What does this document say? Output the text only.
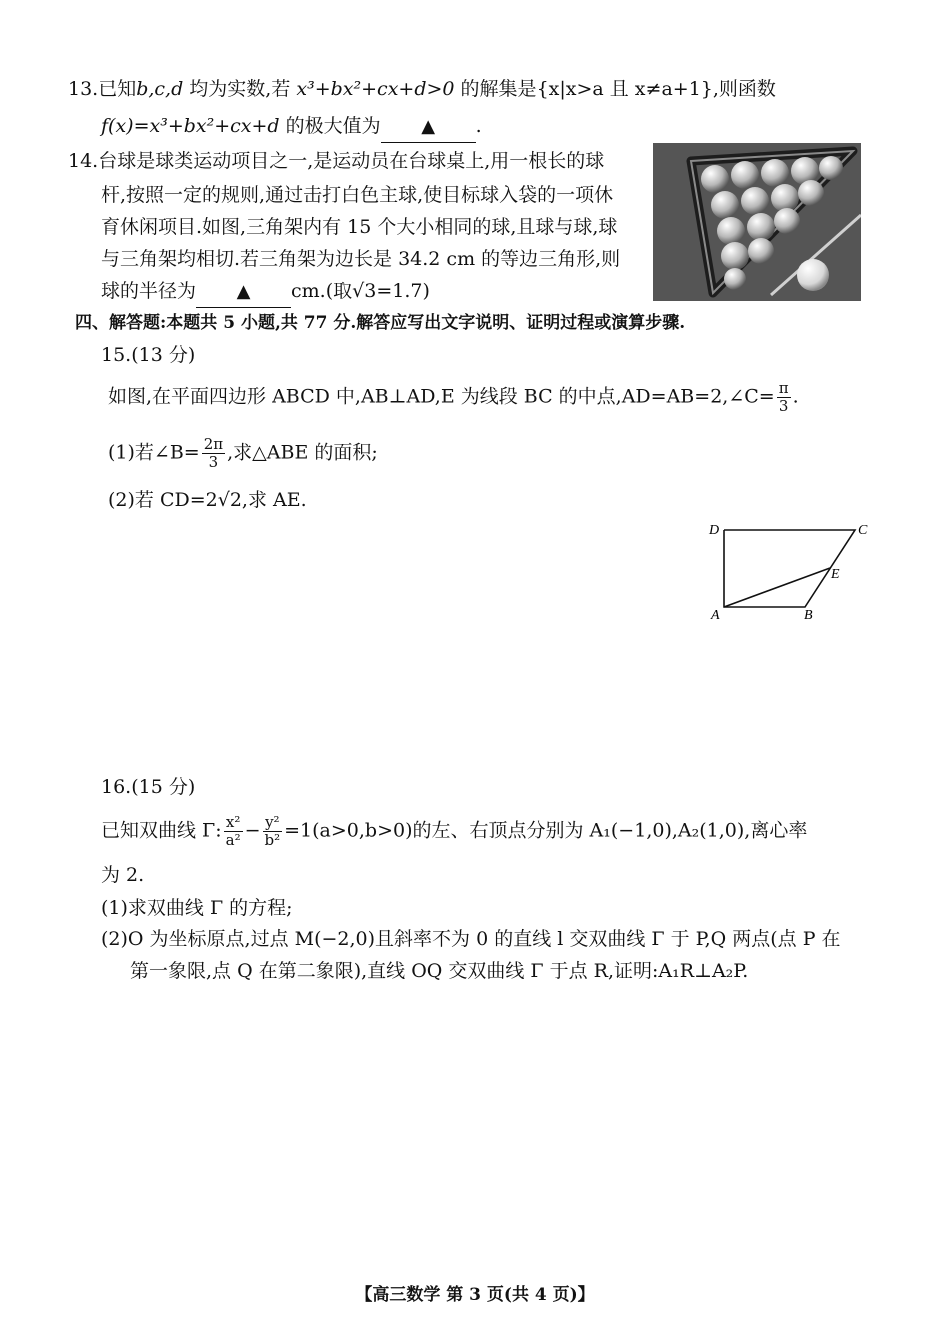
13.已知b,c,d 均为实数,若 x³+bx²+cx+d>0 的解集是{x|x>a 且 x≠a+1},则函数
f(x)=x³+bx²+cx+d 的极大值为 ▲ .
14.台球是球类运动项目之一,是运动员在台球桌上,用一根长的球
杆,按照一定的规则,通过击打白色主球,使目标球入袋的一项休
育休闲项目.如图,三角架内有 15 个大小相同的球,且球与球,球
与三角架均相切.若三角架为边长是 34.2 cm 的等边三角形,则
球的半径为 ▲ cm.(取√3=1.7)
四、解答题:本题共 5 小题,共 77 分.解答应写出文字说明、证明过程或演算步骤.
15.(13 分)
如图,在平面四边形 ABCD 中,AB⊥AD,E 为线段 BC 的中点,AD=AB=2,∠C= $\frac{\pi}{3}$ .
(1)若∠B= $\frac{2\pi}{3}$ ,求△ABE 的面积;
(2)若 CD=2√2,求 AE.
D	C
E
A	B
16.(15 分)
已知双曲线 Γ: $\frac{\text{x²}}{\text{a²}} - \frac{\text{y²}}{\text{b²}} =1(a>0,b>0)$的左、右顶点分别为 A₁(−1,0),A₂(1,0),离心率
为 2.
(1)求双曲线 Γ 的方程;
(2)O 为坐标原点,过点 M(−2,0)且斜率不为 0 的直线 l 交双曲线 Γ 于 P,Q 两点(点 P 在
第一象限,点 Q 在第二象限),直线 OQ 交双曲线 Γ 于点 R,证明:A₁R⊥A₂P.
【高三数学 第 3 页(共 4 页)】
